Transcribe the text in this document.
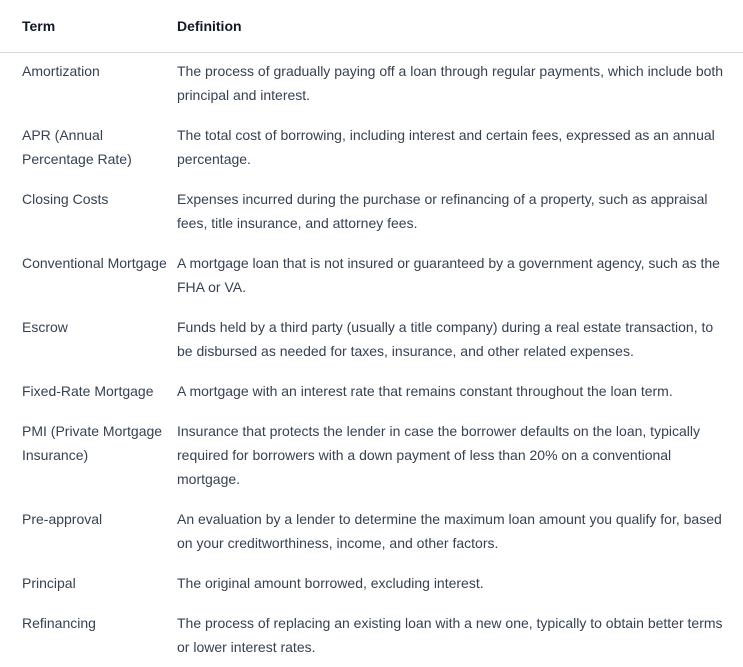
Term	Definition
Amortization	The process of gradually paying off a loan through regular payments, which include both principal and interest.
APR (Annual Percentage Rate)	The total cost of borrowing, including interest and certain fees, expressed as an annual percentage.
Closing Costs	Expenses incurred during the purchase or refinancing of a property, such as appraisal fees, title insurance, and attorney fees.
Conventional Mortgage	A mortgage loan that is not insured or guaranteed by a government agency, such as the FHA or VA.
Escrow	Funds held by a third party (usually a title company) during a real estate transaction, to be disbursed as needed for taxes, insurance, and other related expenses.
Fixed-Rate Mortgage	A mortgage with an interest rate that remains constant throughout the loan term.
PMI (Private Mortgage Insurance)	Insurance that protects the lender in case the borrower defaults on the loan, typically required for borrowers with a down payment of less than 20% on a conventional mortgage.
Pre-approval	An evaluation by a lender to determine the maximum loan amount you qualify for, based on your creditworthiness, income, and other factors.
Principal	The original amount borrowed, excluding interest.
Refinancing	The process of replacing an existing loan with a new one, typically to obtain better terms or lower interest rates.
